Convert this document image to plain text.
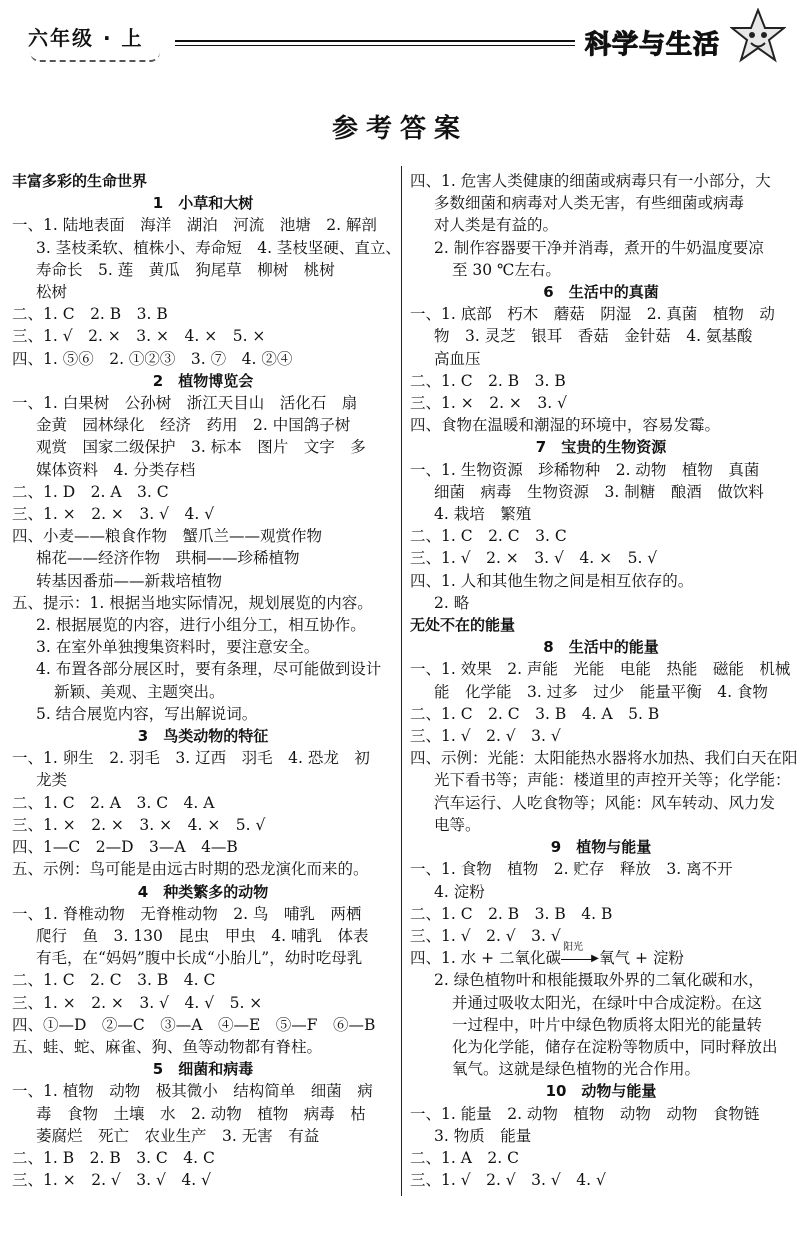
六年级 · 上	科学与生活
参考答案
丰富多彩的生命世界
1　小草和大树
一、1. 陆地表面　海洋　湖泊　河流　池塘　2. 解剖
3. 茎枝柔软、植株小、寿命短　4. 茎枝坚硬、直立、
寿命长　5. 莲　黄瓜　狗尾草　柳树　桃树
松树
二、1. C　2. B　3. B
三、1. √　2. ×　3. ×　4. ×　5. ×
四、1. ⑤⑥　2. ①②③　3. ⑦　4. ②④
2　植物博览会
一、1. 白果树　公孙树　浙江天目山　活化石　扇
金黄　园林绿化　经济　药用　2. 中国鸽子树
观赏　国家二级保护　3. 标本　图片　文字　多
媒体资料　4. 分类存档
二、1. D　2. A　3. C
三、1. ×　2. ×　3. √　4. √
四、小麦——粮食作物　蟹爪兰——观赏作物
棉花——经济作物　珙桐——珍稀植物
转基因番茄——新栽培植物
五、提示：1. 根据当地实际情况，规划展览的内容。
2. 根据展览的内容，进行小组分工，相互协作。
3. 在室外单独搜集资料时，要注意安全。
4. 布置各部分展区时，要有条理，尽可能做到设计
新颖、美观、主题突出。
5. 结合展览内容，写出解说词。
3　鸟类动物的特征
一、1. 卵生　2. 羽毛　3. 辽西　羽毛　4. 恐龙　初
龙类
二、1. C　2. A　3. C　4. A
三、1. ×　2. ×　3. ×　4. ×　5. √
四、1—C　2—D　3—A　4—B
五、示例：鸟可能是由远古时期的恐龙演化而来的。
4　种类繁多的动物
一、1. 脊椎动物　无脊椎动物　2. 鸟　哺乳　两栖
爬行　鱼　3. 130　昆虫　甲虫　4. 哺乳　体表
有毛，在“妈妈”腹中长成“小胎儿”，幼时吃母乳
二、1. C　2. C　3. B　4. C
三、1. ×　2. ×　3. √　4. √　5. ×
四、①—D　②—C　③—A　④—E　⑤—F　⑥—B
五、蛙、蛇、麻雀、狗、鱼等动物都有脊柱。
5　细菌和病毒
一、1. 植物　动物　极其微小　结构简单　细菌　病
毒　食物　土壤　水　2. 动物　植物　病毒　枯
萎腐烂　死亡　农业生产　3. 无害　有益
二、1. B　2. B　3. C　4. C
三、1. ×　2. √　3. √　4. √
四、1. 危害人类健康的细菌或病毒只有一小部分，大
多数细菌和病毒对人类无害，有些细菌或病毒
对人类是有益的。
2. 制作容器要干净并消毒，煮开的牛奶温度要凉
至 30 ℃左右。
6　生活中的真菌
一、1. 底部　朽木　蘑菇　阴湿　2. 真菌　植物　动
物　3. 灵芝　银耳　香菇　金针菇　4. 氨基酸
高血压
二、1. C　2. B　3. B
三、1. ×　2. ×　3. √
四、食物在温暖和潮湿的环境中，容易发霉。
7　宝贵的生物资源
一、1. 生物资源　珍稀物种　2. 动物　植物　真菌
细菌　病毒　生物资源　3. 制糖　酿酒　做饮料
4. 栽培　繁殖
二、1. C　2. C　3. C
三、1. √　2. ×　3. √　4. ×　5. √
四、1. 人和其他生物之间是相互依存的。
2. 略
无处不在的能量
8　生活中的能量
一、1. 效果　2. 声能　光能　电能　热能　磁能　机械
能　化学能　3. 过多　过少　能量平衡　4. 食物
二、1. C　2. C　3. B　4. A　5. B
三、1. √　2. √　3. √
四、示例：光能：太阳能热水器将水加热、我们白天在阳
光下看书等；声能：楼道里的声控开关等；化学能：
汽车运行、人吃食物等；风能：风车转动、风力发
电等。
9　植物与能量
一、1. 食物　植物　2. 贮存　释放　3. 离不开
4. 淀粉
二、1. C　2. B　3. B　4. B
三、1. √　2. √　3. √
四、1. 水 + 二氧化碳
阳光
▶ 氧气 + 淀粉
2. 绿色植物叶和根能摄取外界的二氧化碳和水，
并通过吸收太阳光，在绿叶中合成淀粉。在这
一过程中，叶片中绿色物质将太阳光的能量转
化为化学能，储存在淀粉等物质中，同时释放出
氧气。这就是绿色植物的光合作用。
10　动物与能量
一、1. 能量　2. 动物　植物　动物　动物　食物链
3. 物质　能量
二、1. A　2. C
三、1. √　2. √　3. √　4. √
